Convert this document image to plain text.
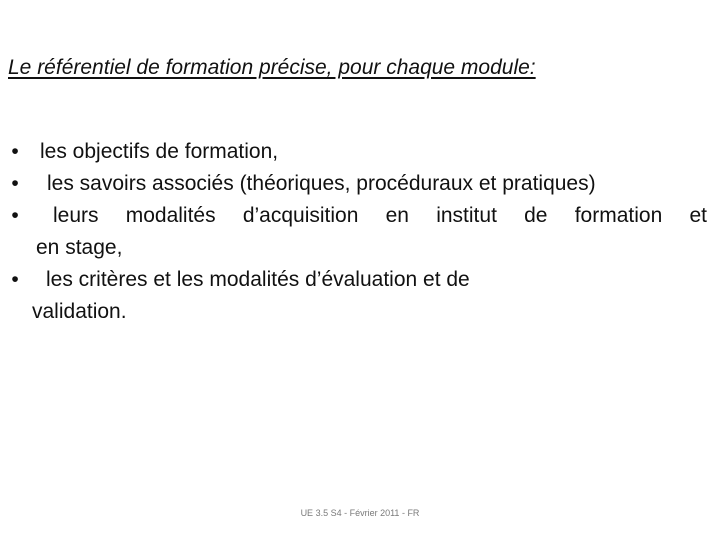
Le référentiel de formation précise, pour chaque module:
• les objectifs de formation,
• les savoirs associés (théoriques, procéduraux et pratiques)
•	leurs modalités d’acquisition en institut de formation et
en stage,
•	les critères et les modalités d’évaluation et de
validation.
UE 3.5 S4 - Février 2011 - FR
